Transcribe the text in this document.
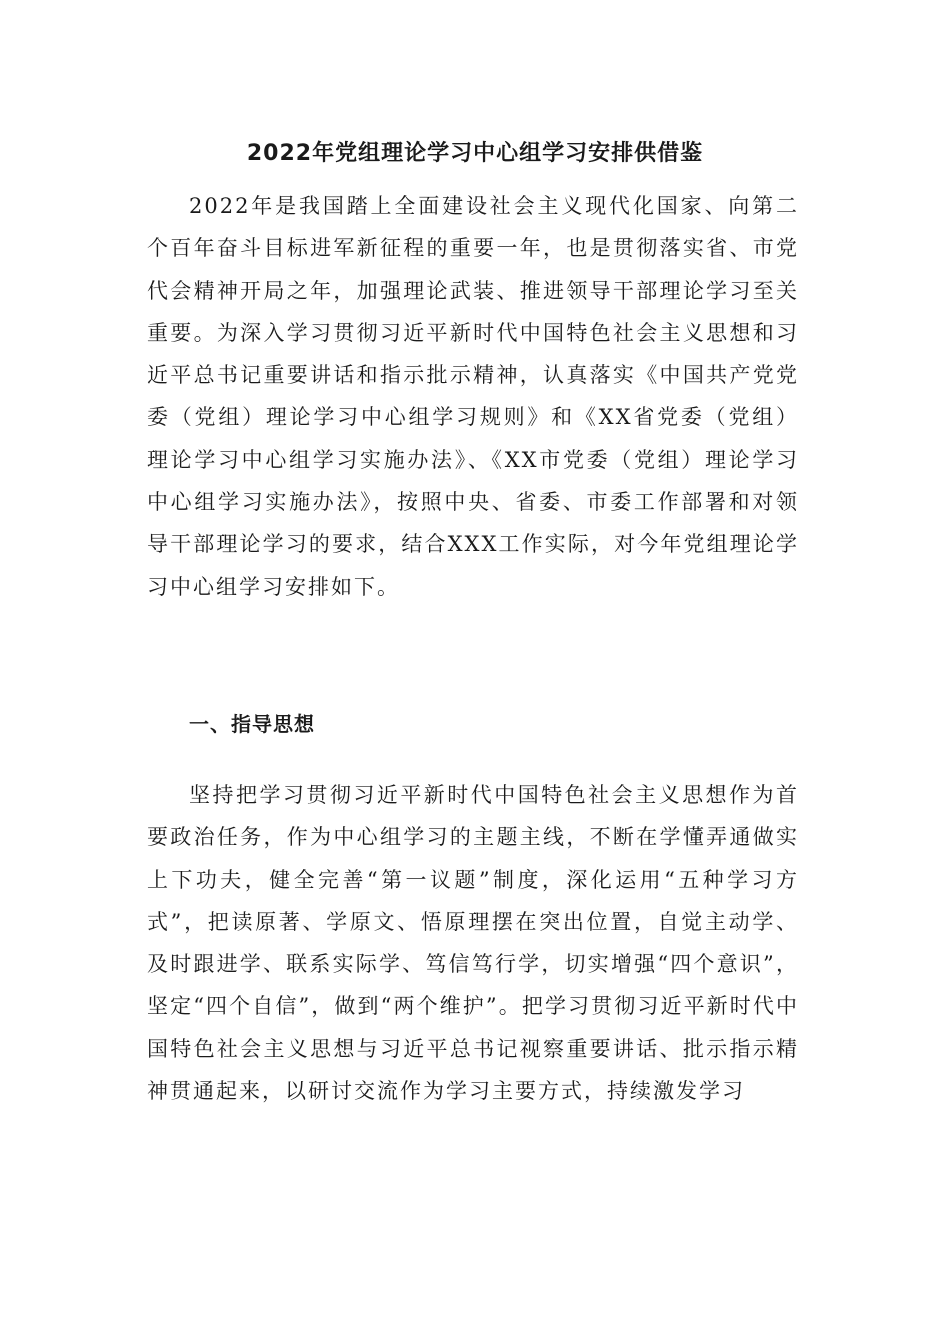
2022年党组理论学习中心组学习安排供借鉴

2022年是我国踏上全面建设社会主义现代化国家、向第二个百年奋斗目标进军新征程的重要一年，也是贯彻落实省、市党代会精神开局之年，加强理论武装、推进领导干部理论学习至关重要。为深入学习贯彻习近平新时代中国特色社会主义思想和习近平总书记重要讲话和指示批示精神，认真落实《中国共产党党委（党组）理论学习中心组学习规则》和《XX省党委（党组）理论学习中心组学习实施办法》、《XX市党委（党组）理论学习中心组学习实施办法》，按照中央、省委、市委工作部署和对领导干部理论学习的要求，结合XXX工作实际，对今年党组理论学习中心组学习安排如下。

一、指导思想

坚持把学习贯彻习近平新时代中国特色社会主义思想作为首要政治任务，作为中心组学习的主题主线，不断在学懂弄通做实上下功夫，健全完善“第一议题”制度，深化运用“五种学习方式”，把读原著、学原文、悟原理摆在突出位置，自觉主动学、及时跟进学、联系实际学、笃信笃行学，切实增强“四个意识”，坚定“四个自信”，做到“两个维护”。把学习贯彻习近平新时代中国特色社会主义思想与习近平总书记视察重要讲话、批示指示精神贯通起来，以研讨交流作为学习主要方式，持续激发学习
